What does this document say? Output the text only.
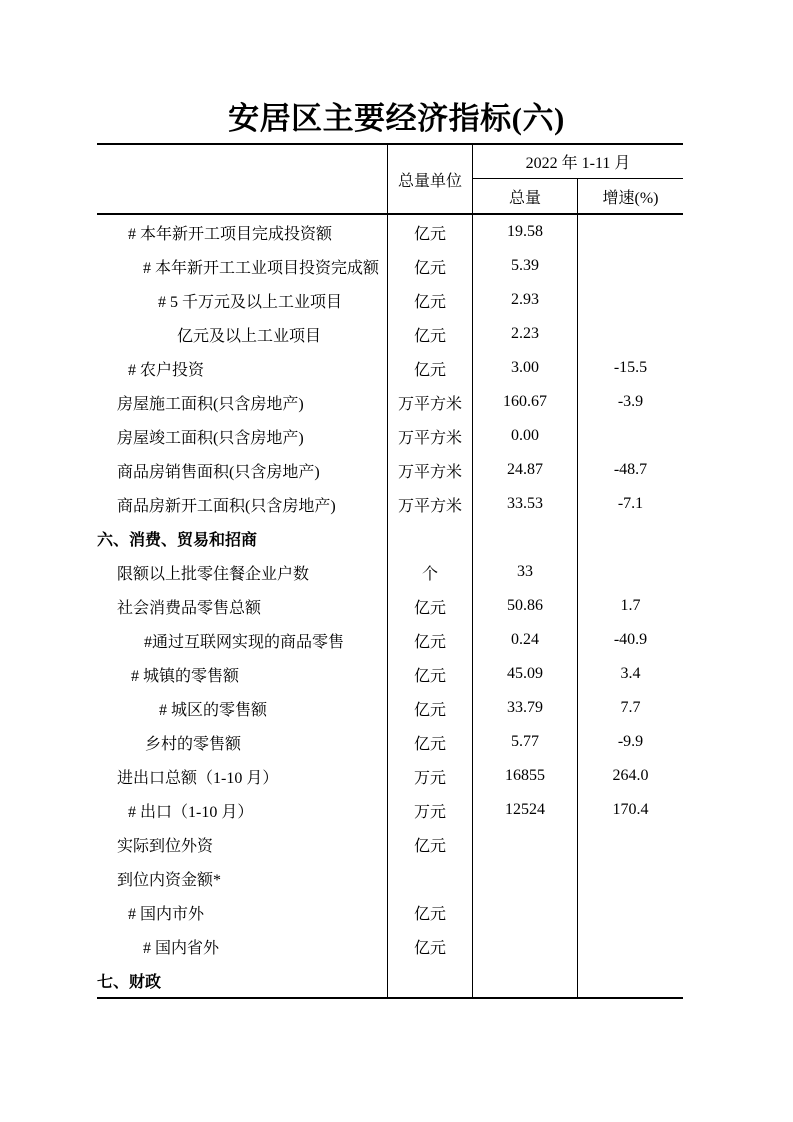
安居区主要经济指标(六)
总量单位
2022 年 1-11 月
总量	增速(%)
# 本年新开工项目完成投资额	亿元	19.58
# 本年新开工工业项目投资完成额	亿元	5.39
# 5 千万元及以上工业项目	亿元	2.93
亿元及以上工业项目	亿元	2.23
# 农户投资	亿元	3.00	-15.5
房屋施工面积(只含房地产)	万平方米	160.67	-3.9
房屋竣工面积(只含房地产)	万平方米	0.00
商品房销售面积(只含房地产)	万平方米	24.87	-48.7
商品房新开工面积(只含房地产)	万平方米	33.53	-7.1
六、消费、贸易和招商
限额以上批零住餐企业户数	个	33
社会消费品零售总额	亿元	50.86	1.7
#通过互联网实现的商品零售	亿元	0.24	-40.9
# 城镇的零售额	亿元	45.09	3.4
# 城区的零售额	亿元	33.79	7.7
乡村的零售额	亿元	5.77	-9.9
进出口总额（1-10 月）	万元	16855	264.0
# 出口（1-10 月）	万元	12524	170.4
实际到位外资	亿元
到位内资金额*
# 国内市外	亿元
# 国内省外	亿元
七、财政
